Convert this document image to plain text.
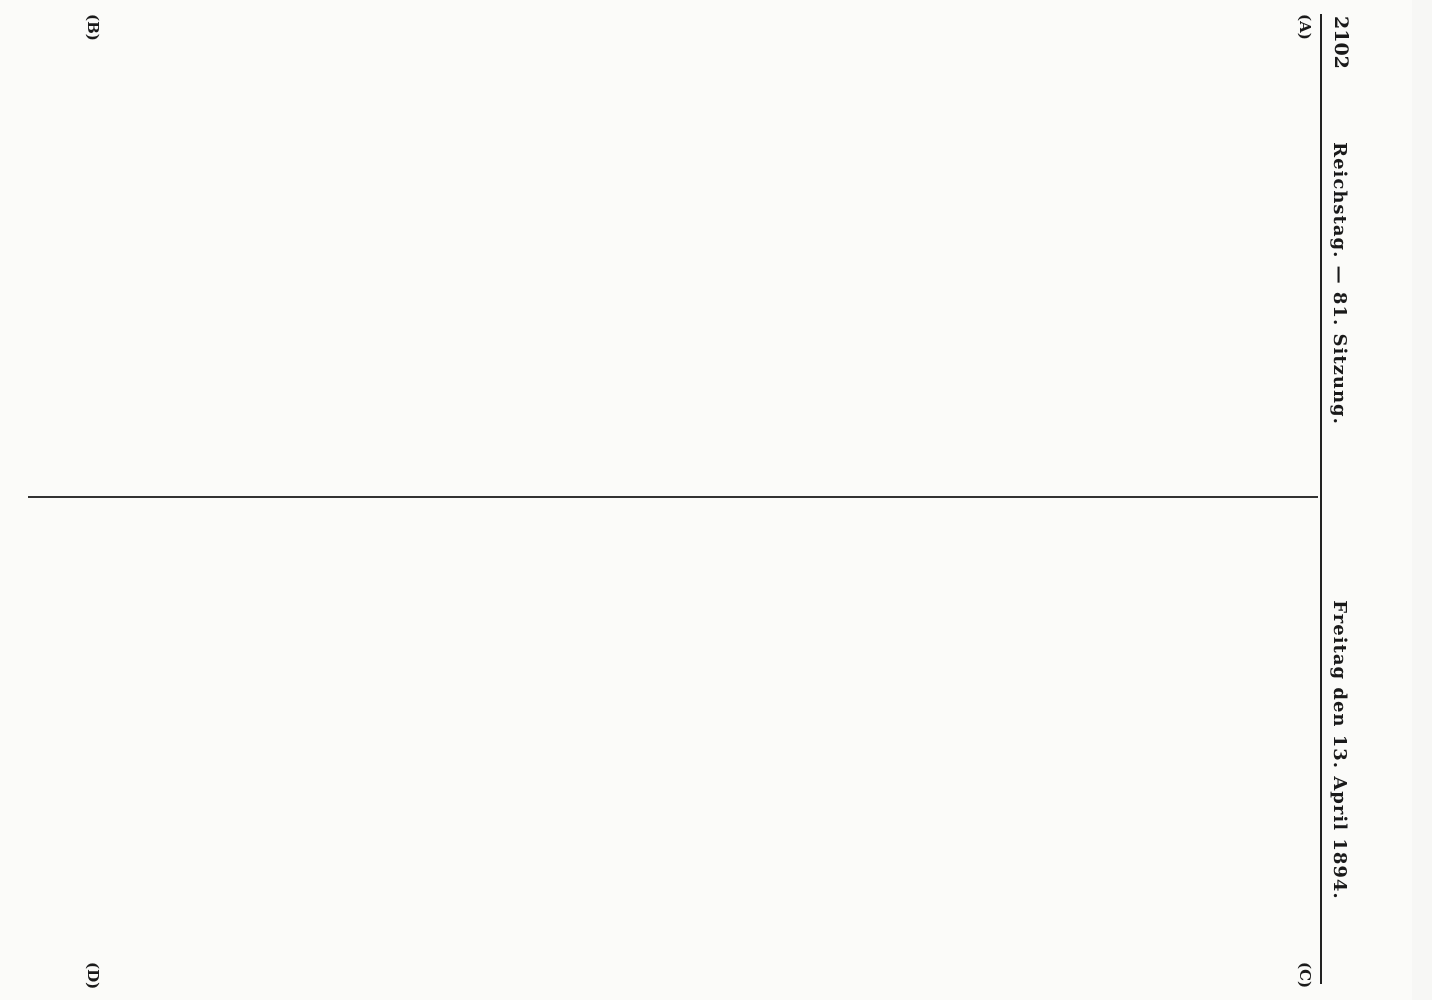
2102
Reichstag. — 81. Sitzung.
Freitag den 13. April 1894.
(A)
(B)
(C)
(D)
